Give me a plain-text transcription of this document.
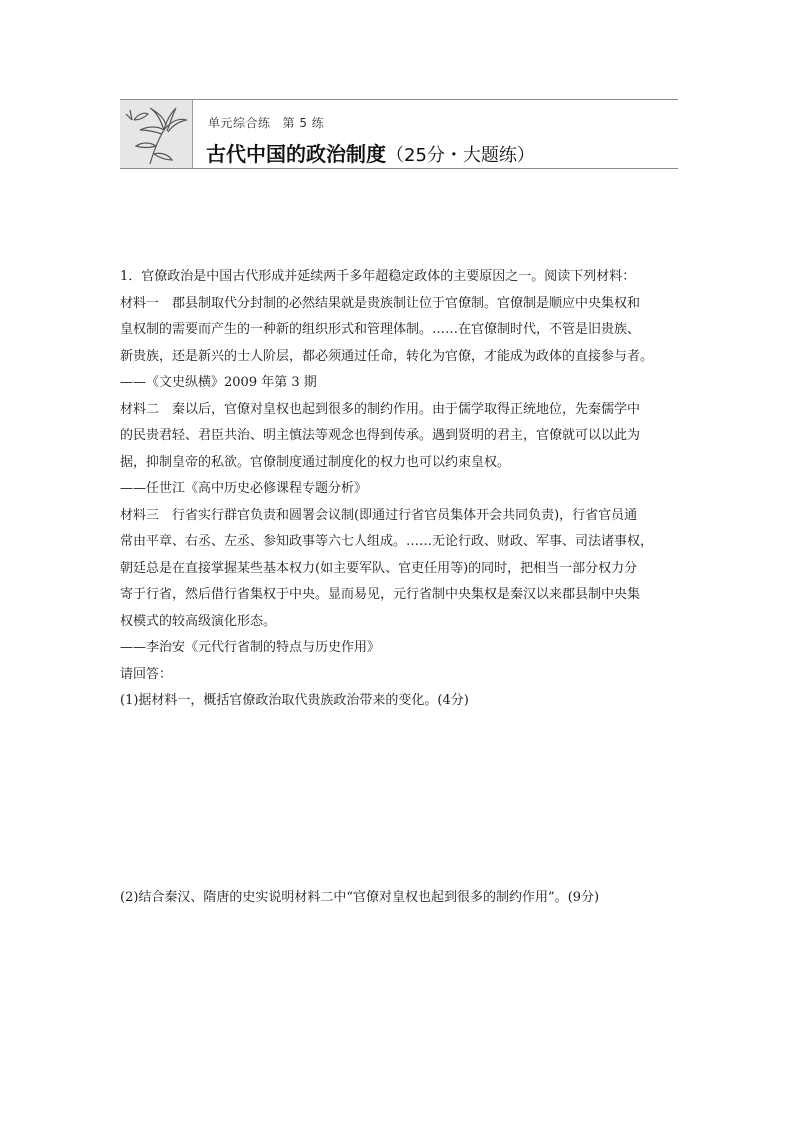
单元综合练 第 5 练
古代中国的政治制度（25分・大题练）

1．官僚政治是中国古代形成并延续两千多年超稳定政体的主要原因之一。阅读下列材料：

材料一　郡县制取代分封制的必然结果就是贵族制让位于官僚制。官僚制是顺应中央集权和

皇权制的需要而产生的一种新的组织形式和管理体制。……在官僚制时代，不管是旧贵族、

新贵族，还是新兴的士人阶层，都必须通过任命，转化为官僚，才能成为政体的直接参与者。

——《文史纵横》2009 年第 3 期

材料二　秦以后，官僚对皇权也起到很多的制约作用。由于儒学取得正统地位，先秦儒学中

的民贵君轻、君臣共治、明主慎法等观念也得到传承。遇到贤明的君主，官僚就可以以此为

据，抑制皇帝的私欲。官僚制度通过制度化的权力也可以约束皇权。

——任世江《高中历史必修课程专题分析》

材料三　行省实行群官负责和圆署会议制(即通过行省官员集体开会共同负责)，行省官员通

常由平章、右丞、左丞、参知政事等六七人组成。……无论行政、财政、军事、司法诸事权，

朝廷总是在直接掌握某些基本权力(如主要军队、官吏任用等)的同时，把相当一部分权力分

寄于行省，然后借行省集权于中央。显而易见，元行省制中央集权是秦汉以来郡县制中央集

权模式的较高级演化形态。

——李治安《元代行省制的特点与历史作用》

请回答：

(1)据材料一，概括官僚政治取代贵族政治带来的变化。(4分)

(2)结合秦汉、隋唐的史实说明材料二中“官僚对皇权也起到很多的制约作用”。(9分)
